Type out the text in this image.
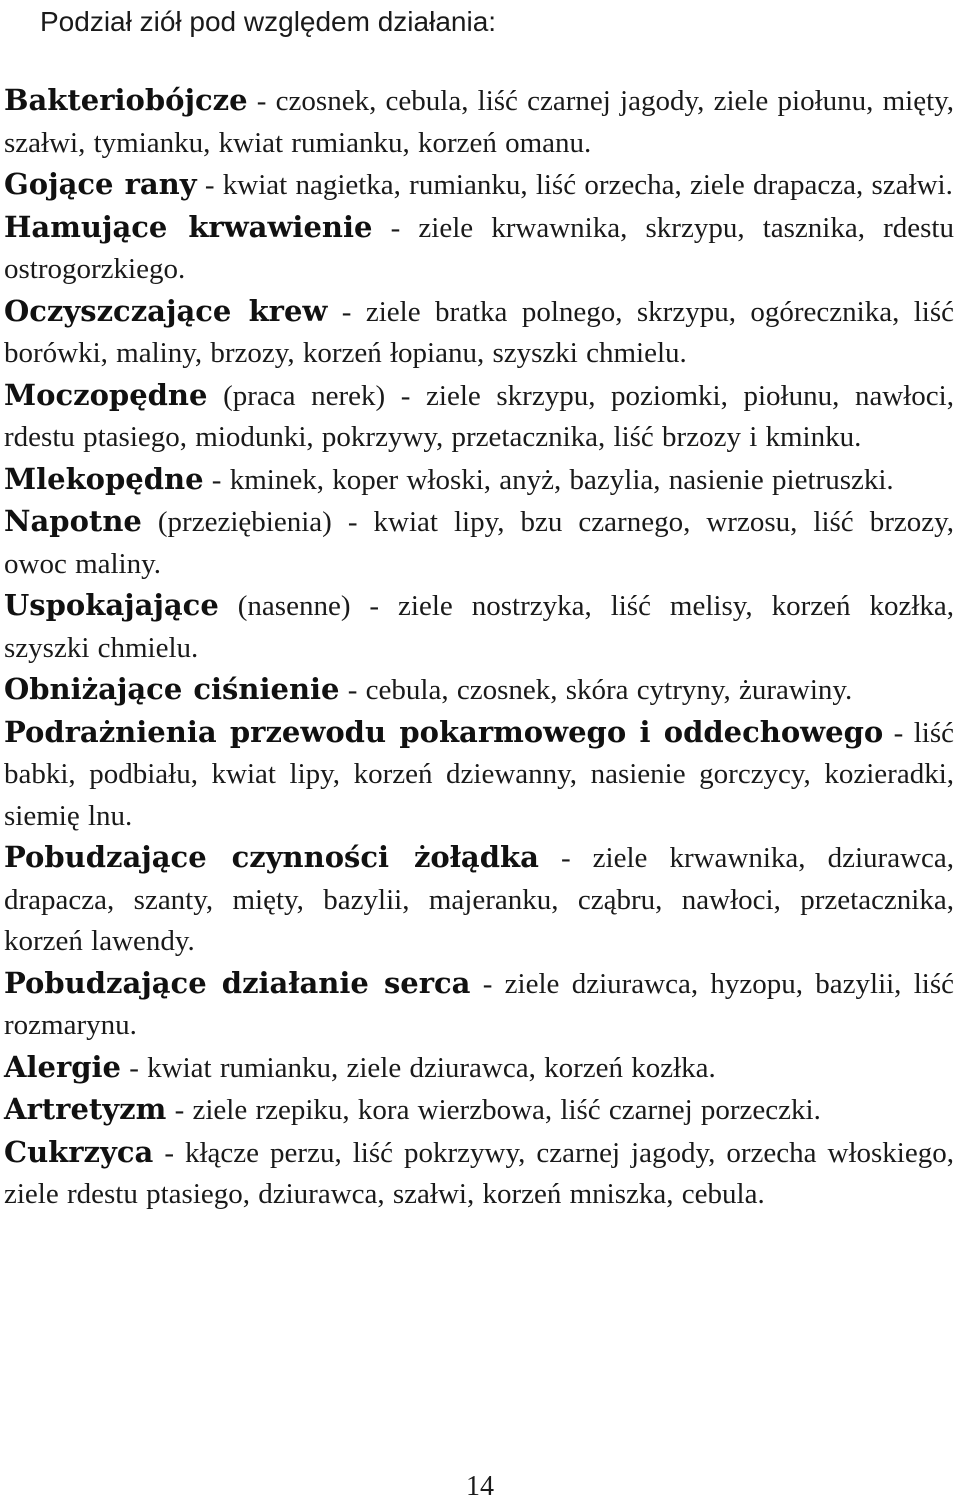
Podział ziół pod względem działania:
Bakteriobójcze - czosnek, cebula, liść czarnej jagody, ziele piołunu, mięty, szałwi, tymianku, kwiat rumianku, korzeń omanu.
Gojące rany - kwiat nagietka, rumianku, liść orzecha, ziele drapacza, szałwi.
Hamujące krwawienie - ziele krwawnika, skrzypu, tasznika, rdestu ostrogorzkiego.
Oczyszczające krew - ziele bratka polnego, skrzypu, ogórecznika, liść borówki, maliny, brzozy, korzeń łopianu, szyszki chmielu.
Moczopędne (praca nerek) - ziele skrzypu, poziomki, piołunu, nawłoci, rdestu ptasiego, miodunki, pokrzywy, przetacznika, liść brzozy i kminku.
Mlekopędne - kminek, koper włoski, anyż, bazylia, nasienie pietruszki.
Napotne (przeziębienia) - kwiat lipy, bzu czarnego, wrzosu, liść brzozy, owoc maliny.
Uspokajające (nasenne) - ziele nostrzyka, liść melisy, korzeń kozłka, szyszki chmielu.
Obniżające ciśnienie - cebula, czosnek, skóra cytryny, żurawiny.
Podrażnienia przewodu pokarmowego i oddechowego - liść babki, podbiału, kwiat lipy, korzeń dziewanny, nasienie gorczycy, kozieradki, siemię lnu.
Pobudzające czynności żołądka - ziele krwawnika, dziurawca, drapacza, szanty, mięty, bazylii, majeranku, cząbru, nawłoci, przetacznika, korzeń lawendy.
Pobudzające działanie serca - ziele dziurawca, hyzopu, bazylii, liść rozmarynu.
Alergie - kwiat rumianku, ziele dziurawca, korzeń kozłka.
Artretyzm - ziele rzepiku, kora wierzbowa, liść czarnej porzeczki.
Cukrzyca - kłącze perzu, liść pokrzywy, czarnej jagody, orzecha włoskiego, ziele rdestu ptasiego, dziurawca, szałwi, korzeń mniszka, cebula.
14
